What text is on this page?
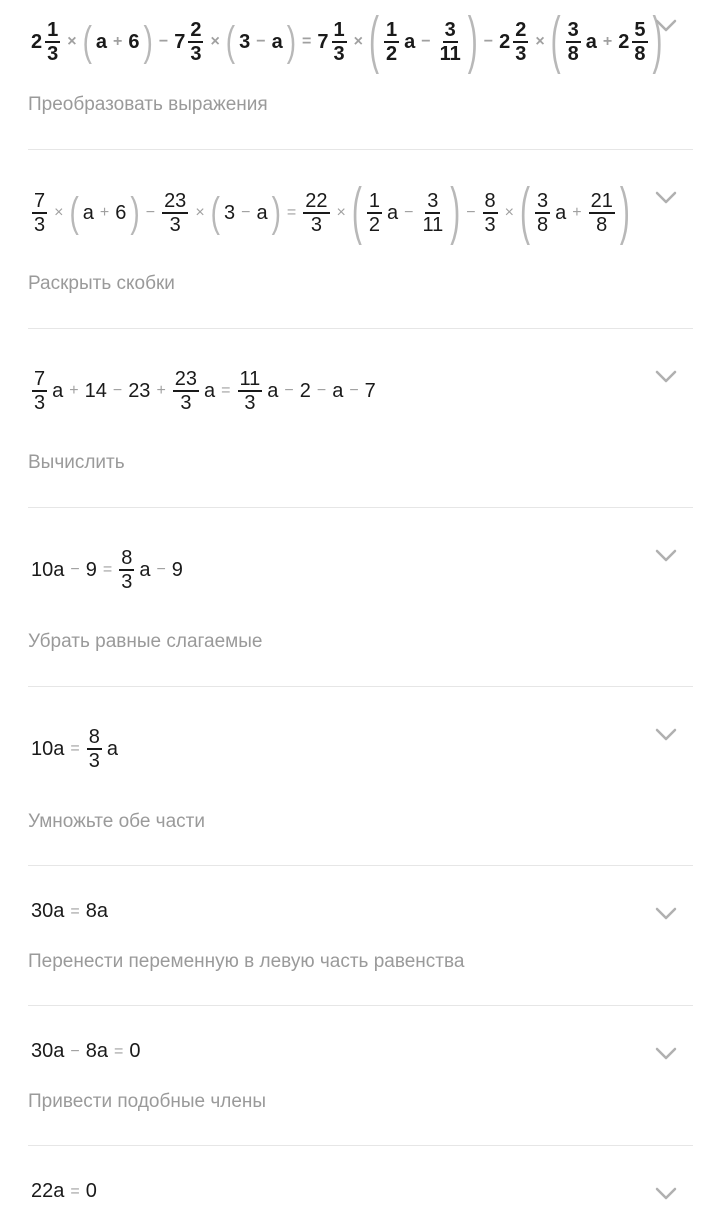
$2 \frac{1}{3}$ × ( a + 6 ) − $7 \frac{2}{3}$ × ( 3 − a ) = $7 \frac{1}{3}$ × ( $\frac{1}{2}$ $a - \frac{3}{11}$ ) − $2 \frac{2}{3}$ × ( $\frac{3}{8}$ $a + 2 \frac{5}{8}$ )
Преобразовать выражения
$\frac{7}{3}$ × ( a + 6 ) − $\frac{23}{3}$ × ( 3 − a ) = $\frac{22}{3}$ × ( $\frac{1}{2}$ $a - \frac{3}{11}$ ) − $\frac{8}{3}$ × ( $\frac{3}{8}$ $a + \frac{21}{8}$ )
Раскрыть скобки
$\frac{7}{3}$ $a + 14 - 23 + \frac{23}{3}$ $a = \frac{11}{3}$ a − 2 − a − 7
Вычислить
$10a - 9 = \frac{8}{3}$ a − 9
Убрать равные слагаемые
$10a = \frac{8}{3}$ a
Умножьте обе части
30a = 8a
Перенести переменную в левую часть равенства
30a − 8a = 0
Привести подобные члены
22a = 0
